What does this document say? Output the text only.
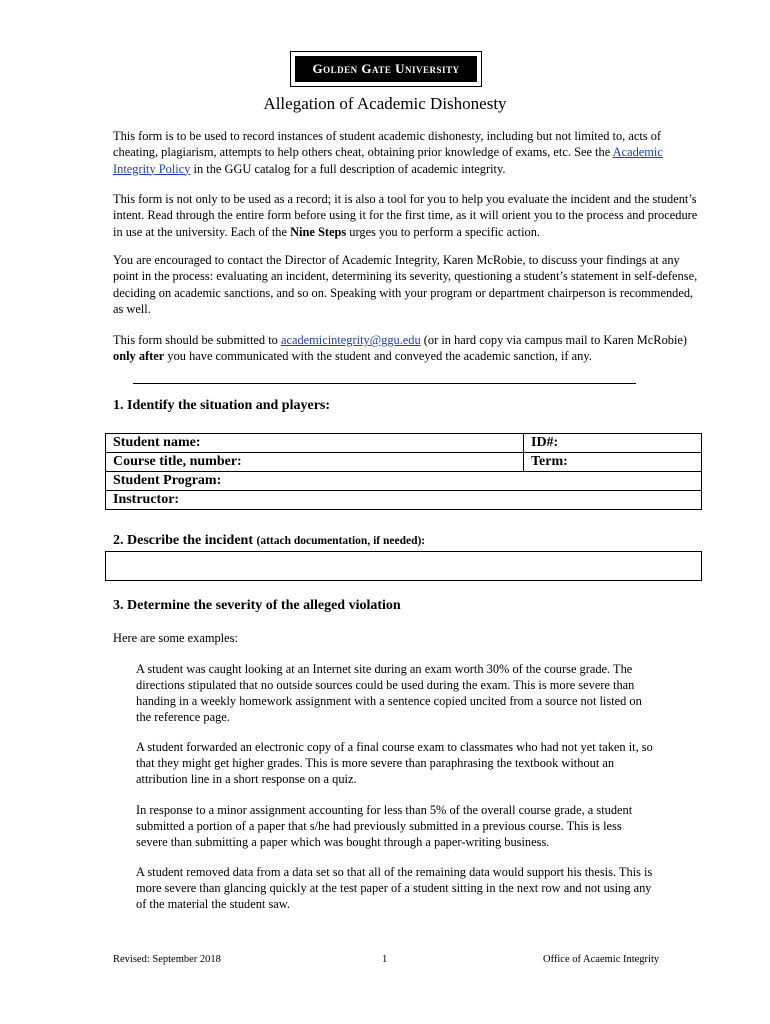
Golden Gate University
Allegation of Academic Dishonesty

This form is to be used to record instances of student academic dishonesty, including but not limited to, acts of cheating, plagiarism, attempts to help others cheat, obtaining prior knowledge of exams, etc. See the Academic Integrity Policy in the GGU catalog for a full description of academic integrity.

This form is not only to be used as a record; it is also a tool for you to help you evaluate the incident and the student’s intent. Read through the entire form before using it for the first time, as it will orient you to the process and procedure in use at the university. Each of the Nine Steps urges you to perform a specific action.

You are encouraged to contact the Director of Academic Integrity, Karen McRobie, to discuss your findings at any point in the process: evaluating an incident, determining its severity, questioning a student’s statement in self-defense, deciding on academic sanctions, and so on. Speaking with your program or department chairperson is recommended, as well.

This form should be submitted to academicintegrity@ggu.edu (or in hard copy via campus mail to Karen McRobie) only after you have communicated with the student and conveyed the academic sanction, if any.

1. Identify the situation and players:
Student name:	ID#:
Course title, number:	Term:
Student Program:	
Instructor:	
2. Describe the incident (attach documentation, if needed):
3. Determine the severity of the alleged violation

Here are some examples:

A student was caught looking at an Internet site during an exam worth 30% of the course grade. The directions stipulated that no outside sources could be used during the exam. This is more severe than handing in a weekly homework assignment with a sentence copied uncited from a source not listed on the reference page.

A student forwarded an electronic copy of a final course exam to classmates who had not yet taken it, so that they might get higher grades. This is more severe than paraphrasing the textbook without an attribution line in a short response on a quiz.

In response to a minor assignment accounting for less than 5% of the overall course grade, a student submitted a portion of a paper that s/he had previously submitted in a previous course. This is less severe than submitting a paper which was bought through a paper-writing business.

A student removed data from a data set so that all of the remaining data would support his thesis. This is more severe than glancing quickly at the test paper of a student sitting in the next row and not using any of the material the student saw.

Revised: September 2018	1	Office of Acaemic Integrity
